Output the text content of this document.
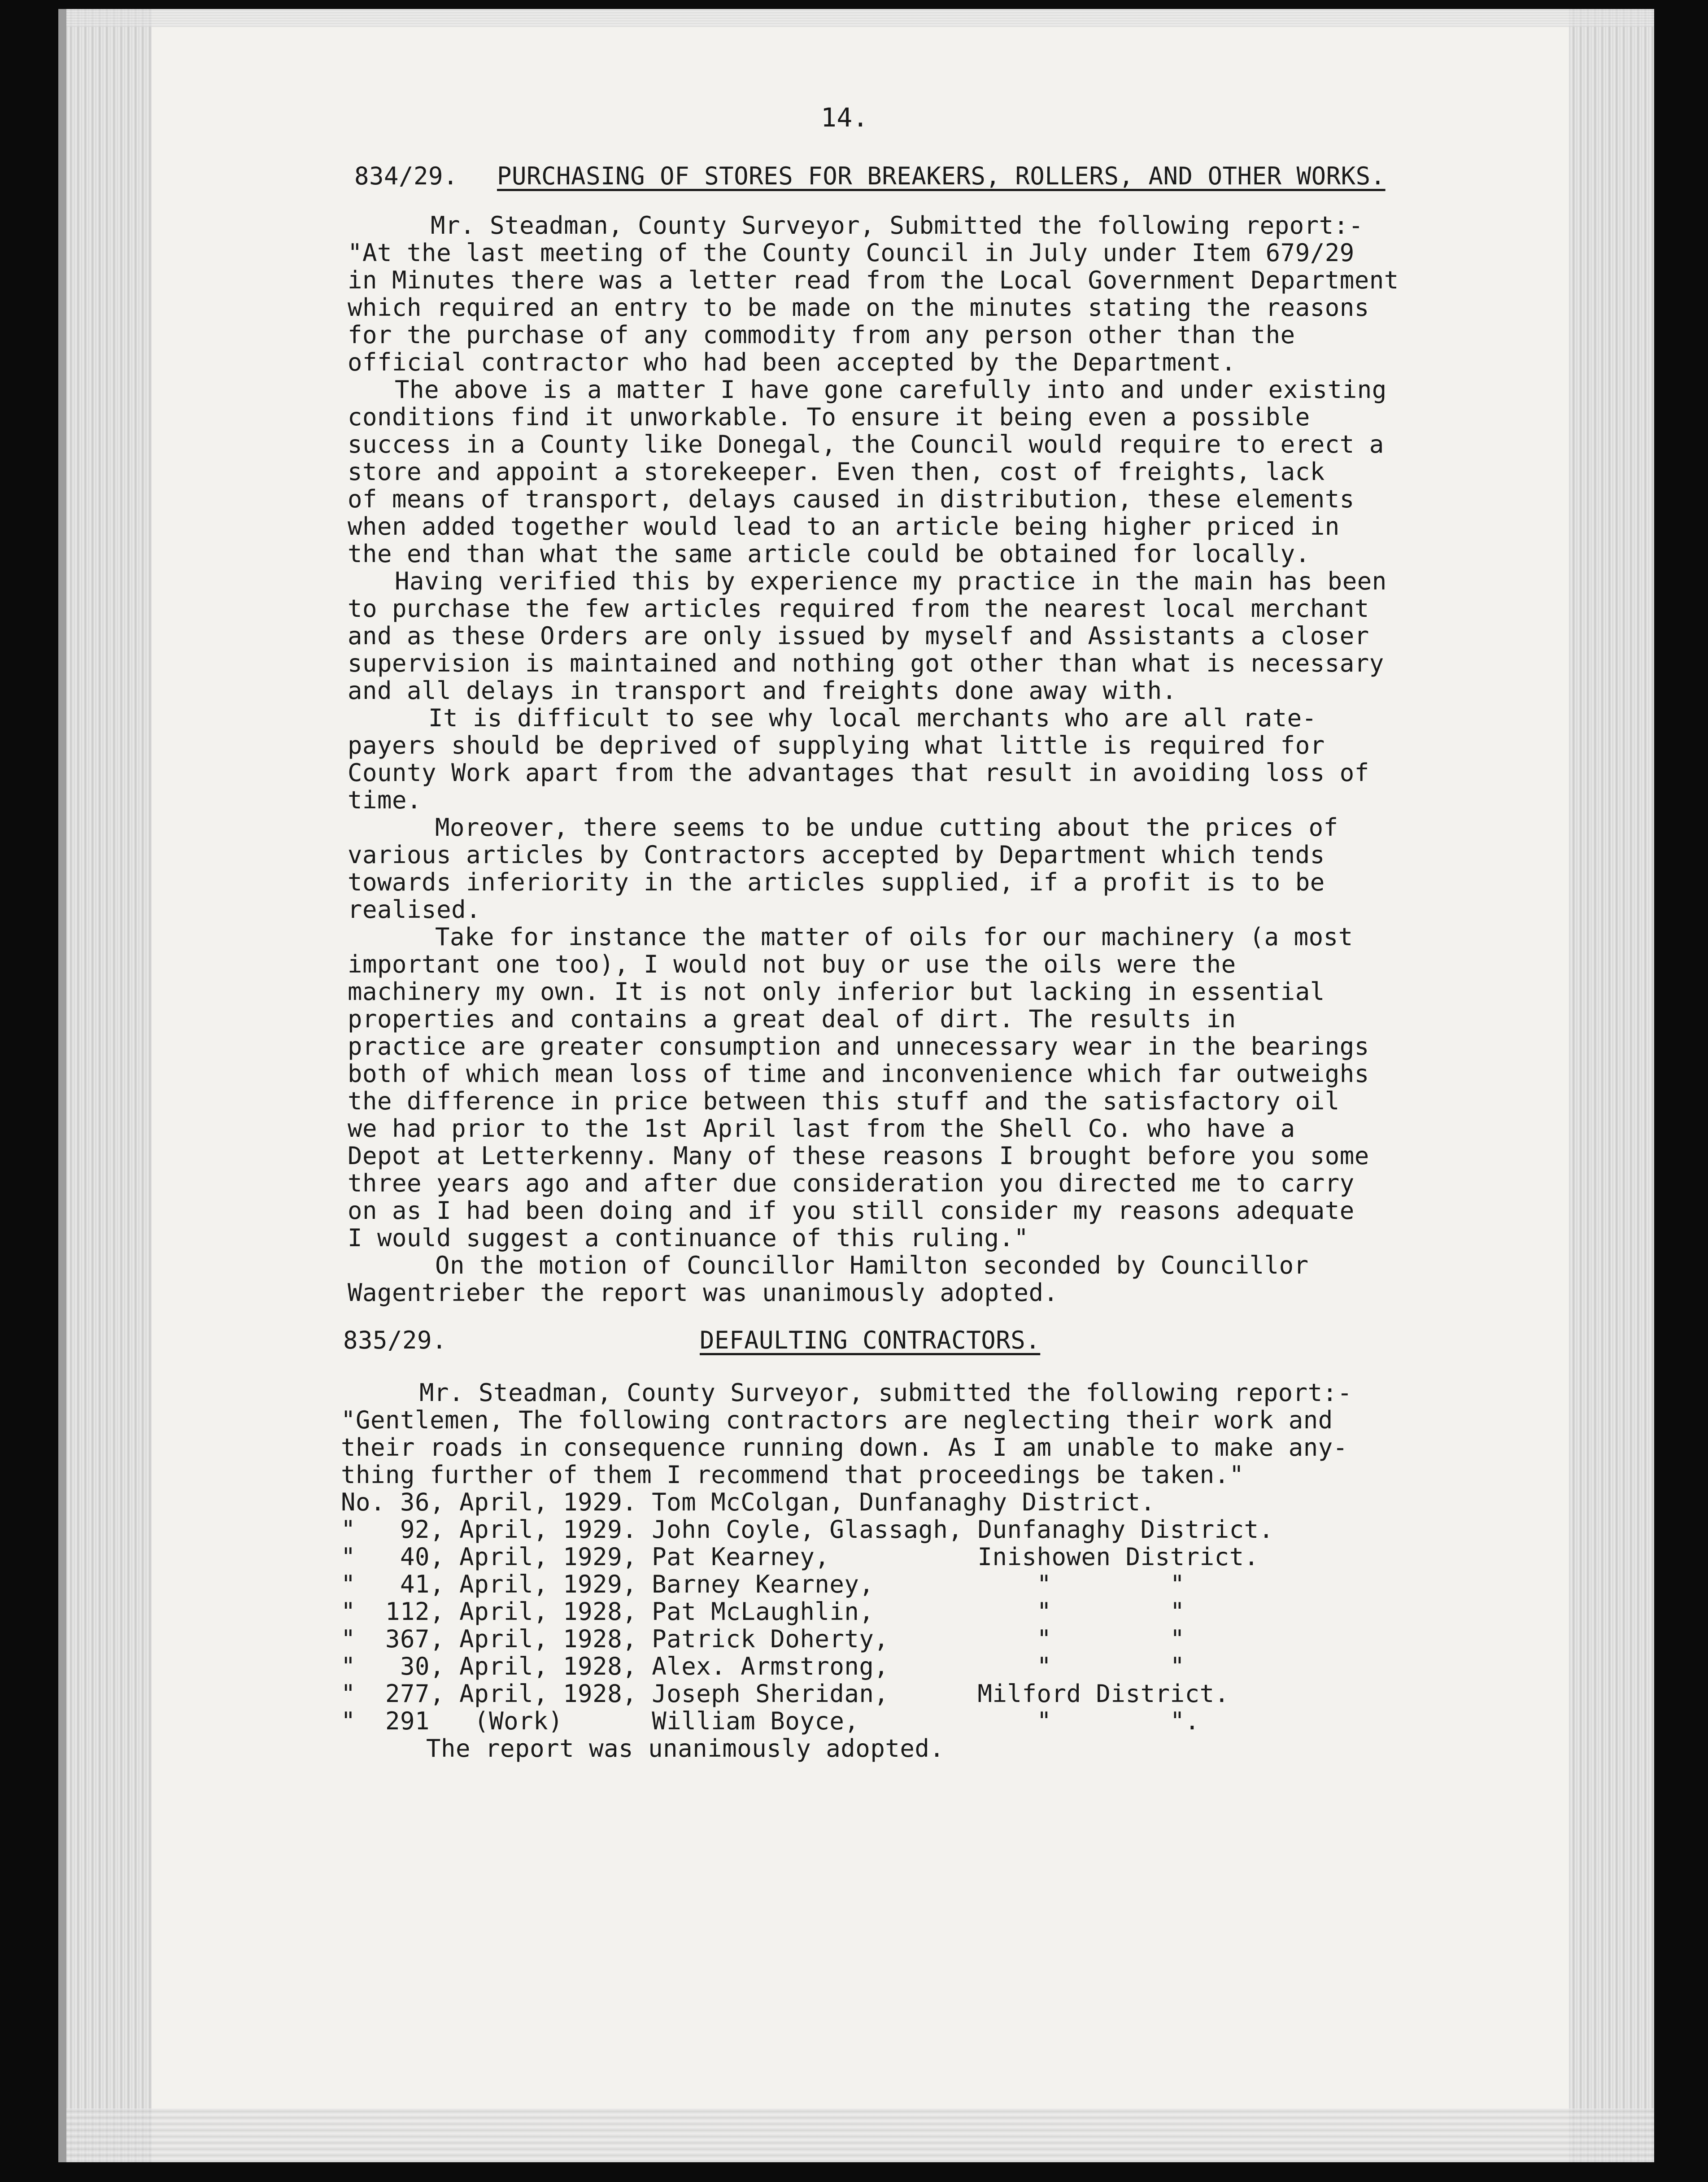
14.
834/29. PURCHASING OF STORES FOR BREAKERS, ROLLERS, AND OTHER WORKS.
Mr. Steadman, County Surveyor, Submitted the following report:-
"At the last meeting of the County Council in July under Item 679/29
in Minutes there was a letter read from the Local Government Department
which required an entry to be made on the minutes stating the reasons
for the purchase of any commodity from any person other than the
official contractor who had been accepted by the Department.
The above is a matter I have gone carefully into and under existing
conditions find it unworkable. To ensure it being even a possible
success in a County like Donegal, the Council would require to erect a
store and appoint a storekeeper. Even then, cost of freights, lack
of means of transport, delays caused in distribution, these elements
when added together would lead to an article being higher priced in
the end than what the same article could be obtained for locally.
Having verified this by experience my practice in the main has been
to purchase the few articles required from the nearest local merchant
and as these Orders are only issued by myself and Assistants a closer
supervision is maintained and nothing got other than what is necessary
and all delays in transport and freights done away with.
It is difficult to see why local merchants who are all rate-
payers should be deprived of supplying what little is required for
County Work apart from the advantages that result in avoiding loss of
time.
Moreover, there seems to be undue cutting about the prices of
various articles by Contractors accepted by Department which tends
towards inferiority in the articles supplied, if a profit is to be
realised.
Take for instance the matter of oils for our machinery (a most
important one too), I would not buy or use the oils were the
machinery my own. It is not only inferior but lacking in essential
properties and contains a great deal of dirt. The results in
practice are greater consumption and unnecessary wear in the bearings
both of which mean loss of time and inconvenience which far outweighs
the difference in price between this stuff and the satisfactory oil
we had prior to the 1st April last from the Shell Co. who have a
Depot at Letterkenny. Many of these reasons I brought before you some
three years ago and after due consideration you directed me to carry
on as I had been doing and if you still consider my reasons adequate
I would suggest a continuance of this ruling."
On the motion of Councillor Hamilton seconded by Councillor
Wagentrieber the report was unanimously adopted.
835/29.	DEFAULTING CONTRACTORS.
Mr. Steadman, County Surveyor, submitted the following report:-
"Gentlemen, The following contractors are neglecting their work and
their roads in consequence running down. As I am unable to make any-
thing further of them I recommend that proceedings be taken."
No. 36, April, 1929. Tom McColgan, Dunfanaghy District.
"   92, April, 1929. John Coyle, Glassagh, Dunfanaghy District.
"   40, April, 1929, Pat Kearney,          Inishowen District.
"   41, April, 1929, Barney Kearney,           "        "
"  112, April, 1928, Pat McLaughlin,           "        "
"  367, April, 1928, Patrick Doherty,          "        "
"   30, April, 1928, Alex. Armstrong,          "        "
"  277, April, 1928, Joseph Sheridan,      Milford District.
"  291   (Work)      William Boyce,            "        ".
The report was unanimously adopted.
